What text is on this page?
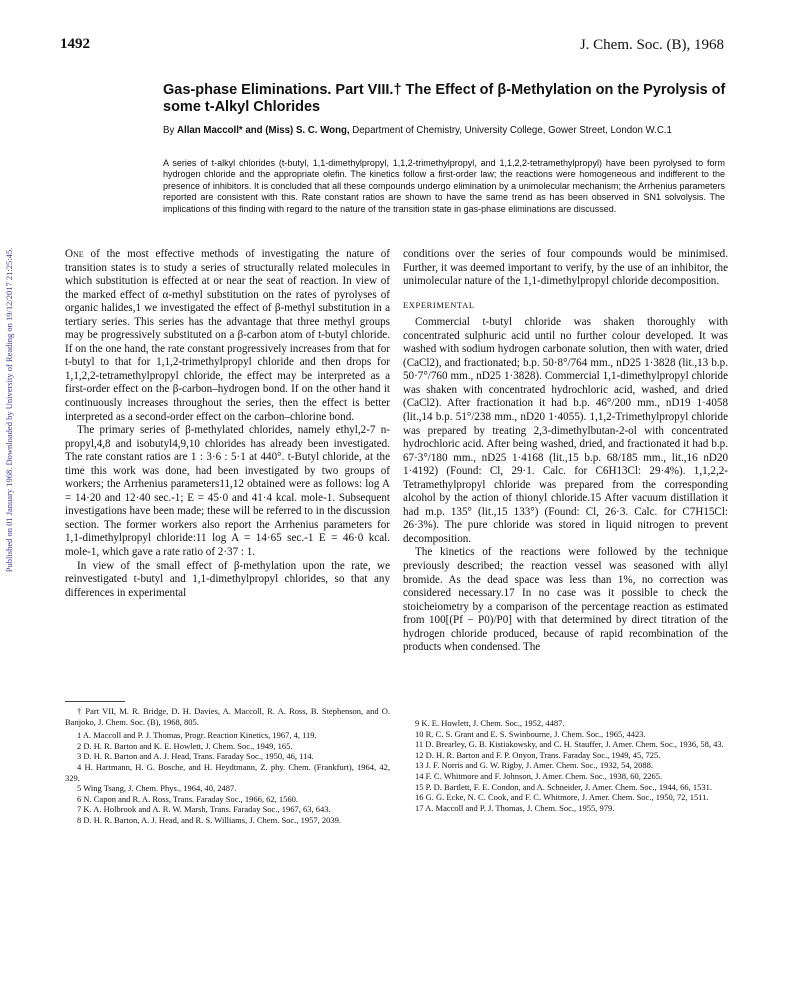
Published on 01 January 1968. Downloaded by University of Reading on 19/12/2017 21:25:45.
1492	J. Chem. Soc. (B), 1968
Gas-phase Eliminations. Part VIII.† The Effect of β-Methylation on the Pyrolysis of some t-Alkyl Chlorides
By Allan Maccoll* and (Miss) S. C. Wong, Department of Chemistry, University College, Gower Street, London W.C.1
A series of t-alkyl chlorides (t-butyl, 1,1-dimethylpropyl, 1,1,2-trimethylpropyl, and 1,1,2,2-tetramethylpropyl) have been pyrolysed to form hydrogen chloride and the appropriate olefin. The kinetics follow a first-order law; the reactions were homogeneous and indifferent to the presence of inhibitors. It is concluded that all these compounds undergo elimination by a unimolecular mechanism; the Arrhenius parameters reported are consistent with this. Rate constant ratios are shown to have the same trend as has been observed in SN1 solvolysis. The implications of this finding with regard to the nature of the transition state in gas-phase eliminations are discussed.

One of the most effective methods of investigating the nature of transition states is to study a series of structurally related molecules in which substitution is effected at or near the seat of reaction. In view of the marked effect of α-methyl substitution on the rates of pyrolyses of organic halides,1 we investigated the effect of β-methyl substitution in a tertiary series. This series has the advantage that three methyl groups may be progressively substituted on a β-carbon atom of t-butyl chloride. If on the one hand, the rate constant progressively increases from that for t-butyl to that for 1,1,2-trimethylpropyl chloride and then drops for 1,1,2,2-tetramethylpropyl chloride, the effect may be interpreted as a first-order effect on the β-carbon–hydrogen bond. If on the other hand it continuously increases throughout the series, then the effect is better interpreted as a second-order effect on the carbon–chlorine bond.

The primary series of β-methylated chlorides, namely ethyl,2-7 n-propyl,4,8 and isobutyl4,9,10 chlorides has already been investigated. The rate constant ratios are 1 : 3·6 : 5·1 at 440°. t-Butyl chloride, at the time this work was done, had been investigated by two groups of workers; the Arrhenius parameters11,12 obtained were as follows: log A = 14·20 and 12·40 sec.-1; E = 45·0 and 41·4 kcal. mole-1. Subsequent investigations have been made; these will be referred to in the discussion section. The former workers also report the Arrhenius parameters for 1,1-dimethylpropyl chloride:11 log A = 14·65 sec.-1 E = 46·0 kcal. mole-1, which gave a rate ratio of 2·37 : 1.

In view of the small effect of β-methylation upon the rate, we reinvestigated t-butyl and 1,1-dimethylpropyl chlorides, so that any differences in experimental

conditions over the series of four compounds would be minimised. Further, it was deemed important to verify, by the use of an inhibitor, the unimolecular nature of the 1,1-dimethylpropyl chloride decomposition.

EXPERIMENTAL

Commercial t-butyl chloride was shaken thoroughly with concentrated sulphuric acid until no further colour developed. It was washed with sodium hydrogen carbonate solution, then with water, dried (CaCl2), and fractionated; b.p. 50·8°/764 mm., nD25 1·3828 (lit.,13 b.p. 50·7°/760 mm., nD25 1·3828). Commercial 1,1-dimethylpropyl chloride was shaken with concentrated hydrochloric acid, washed, and dried (CaCl2). After fractionation it had b.p. 46°/200 mm., nD19 1·4058 (lit.,14 b.p. 51°/238 mm., nD20 1·4055). 1,1,2-Trimethylpropyl chloride was prepared by treating 2,3-dimethylbutan-2-ol with concentrated hydrochloric acid. After being washed, dried, and fractionated it had b.p. 67·3°/180 mm., nD25 1·4168 (lit.,15 b.p. 68/185 mm., lit.,16 nD20 1·4192) (Found: Cl, 29·1. Calc. for C6H13Cl: 29·4%). 1,1,2,2-Tetramethylpropyl chloride was prepared from the corresponding alcohol by the action of thionyl chloride.15 After vacuum distillation it had m.p. 135° (lit.,15 133°) (Found: Cl, 26·3. Calc. for C7H15Cl: 26·3%). The pure chloride was stored in liquid nitrogen to prevent decomposition.

The kinetics of the reactions were followed by the technique previously described; the reaction vessel was seasoned with allyl bromide. As the dead space was less than 1%, no correction was considered necessary.17 In no case was it possible to check the stoicheiometry by a comparison of the percentage reaction as estimated from 100[(Pf − P0)/P0] with that determined by direct titration of the hydrogen chloride produced, because of rapid recombination of the products when condensed. The

† Part VII, M. R. Bridge, D. H. Davies, A. Maccoll, R. A. Ross, B. Stephenson, and O. Banjoko, J. Chem. Soc. (B), 1968, 805.
1 A. Maccoll and P. J. Thomas, Progr. Reaction Kinetics, 1967, 4, 119.
2 D. H. R. Barton and K. E. Howlett, J. Chem. Soc., 1949, 165.
3 D. H. R. Barton and A. J. Head, Trans. Faraday Soc., 1950, 46, 114.
4 H. Hartmann, H. G. Bosche, and H. Heydtmann, Z. phy. Chem. (Frankfurt), 1964, 42, 329.
5 Wing Tsang, J. Chem. Phys., 1964, 40, 2487.
6 N. Capon and R. A. Ross, Trans. Faraday Soc., 1966, 62, 1560.
7 K. A. Holbrook and A. R. W. Marsh, Trans. Faraday Soc., 1967, 63, 643.
8 D. H. R. Barton, A. J. Head, and R. S. Williams, J. Chem. Soc., 1957, 2039.
9 K. E. Howlett, J. Chem. Soc., 1952, 4487.
10 R. C. S. Grant and E. S. Swinbourne, J. Chem. Soc., 1965, 4423.
11 D. Brearley, G. B. Kistiakowsky, and C. H. Stauffer, J. Amer. Chem. Soc., 1936, 58, 43.
12 D. H. R. Barton and F. P. Onyon, Trans. Faraday Soc., 1949, 45, 725.
13 J. F. Norris and G. W. Rigby, J. Amer. Chem. Soc., 1932, 54, 2088.
14 F. C. Whitmore and F. Johnson, J. Amer. Chem. Soc., 1938, 60, 2265.
15 P. D. Bartlett, F. E. Condon, and A. Schneider, J. Amer. Chem. Soc., 1944, 66, 1531.
16 G. G. Ecke, N. C. Cook, and F. C. Whitmore, J. Amer. Chem. Soc., 1950, 72, 1511.
17 A. Maccoll and P. J. Thomas, J. Chem. Soc., 1955, 979.
